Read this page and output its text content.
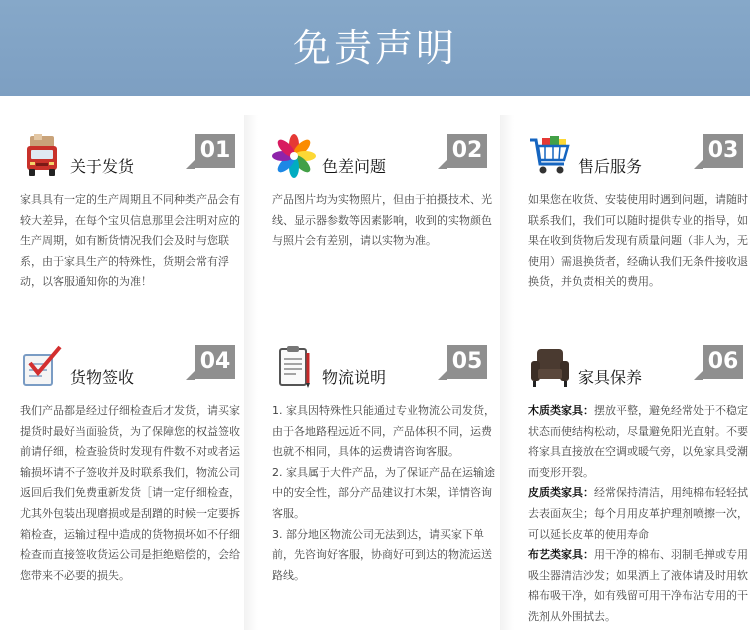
免责声明
关于发货
01
家具具有一定的生产周期且不同种类产品会有较大差异，在每个宝贝信息那里会注明对应的生产周期，如有断货情况我们会及时与您联系，由于家具生产的特殊性，货期会常有浮动，以客服通知你的为准！
色差问题
02
产品图片均为实物照片，但由于拍摄技术、光线、显示器参数等因素影响，收到的实物颜色与照片会有差别，请以实物为准。
售后服务
03
如果您在收货、安装使用时遇到问题，请随时联系我们，我们可以随时提供专业的指导，如果在收到货物后发现有质量问题（非人为，无使用）需退换货者，经确认我们无条件接收退换货，并负责相关的费用。
货物签收
04
我们产品都是经过仔细检查后才发货，请买家提货时最好当面验货，为了保障您的权益签收前请仔细，检查验货时发现有件数不对或者运输损坏请不子签收并及时联系我们，物流公司返回后我们免费重新发货［请一定仔细检查，尤其外包装出现磨损或是刮蹭的时候一定要拆箱检查，运输过程中造成的货物损坏如不仔细检查而直接签收货运公司是拒绝赔偿的，会给您带来不必要的损失。
物流说明
05

1. 家具因特殊性只能通过专业物流公司发货，由于各地路程远近不同，产品体积不同，运费也就不相同，具体的运费请咨询客服。

2. 家具属于大件产品，为了保证产品在运输途中的安全性，部分产品建议打木架，详情咨询客服。

3. 部分地区物流公司无法到达，请买家下单前，先咨询好客服，协商好可到达的物流运送路线。

家具保养
06

木质类家具：摆放平整，避免经常处于不稳定状态而使结构松动，尽量避免阳光直射。不要将家具直接放在空调或暖气旁，以免家具受潮而变形开裂。

皮质类家具：经常保持清洁，用纯棉布轻轻拭去表面灰尘；每个月用皮革护理剂喷擦一次，可以延长皮革的使用寿命

布艺类家具：用干净的棉布、羽制毛掸或专用吸尘器清洁沙发；如果洒上了液体请及时用软棉布吸干净，如有残留可用干净布沾专用的干洗剂从外围拭去。
